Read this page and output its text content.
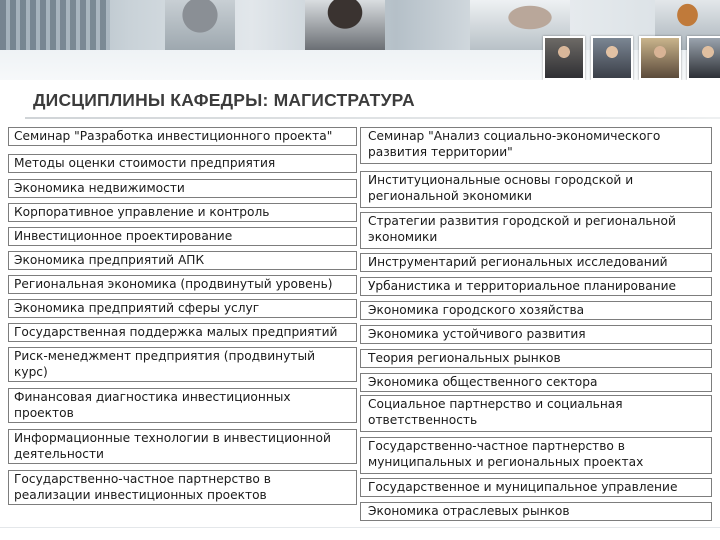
ДИСЦИПЛИНЫ КАФЕДРЫ: МАГИСТРАТУРА
Семинар "Разработка инвестиционного проекта"
Методы оценки стоимости предприятия
Экономика недвижимости
Корпоративное управление и контроль
Инвестиционное проектирование
Экономика предприятий АПК
Региональная экономика (продвинутый уровень)
Экономика предприятий сферы услуг
Государственная поддержка малых предприятий
Риск-менеджмент предприятия (продвинутый курс)
Финансовая диагностика инвестиционных проектов
Информационные технологии в инвестиционной деятельности
Государственно-частное партнерство в реализации инвестиционных проектов
Семинар "Анализ социально-экономического развития территории"
Институциональные основы городской и региональной экономики
Стратегии развития городской и региональной экономики
Инструментарий региональных исследований
Урбанистика и территориальное планирование
Экономика городского хозяйства
Экономика устойчивого развития
Теория региональных рынков
Экономика общественного сектора
Социальное партнерство и социальная ответственность
Государственно-частное партнерство в муниципальных и региональных проектах
Государственное и муниципальное управление
Экономика отраслевых рынков
